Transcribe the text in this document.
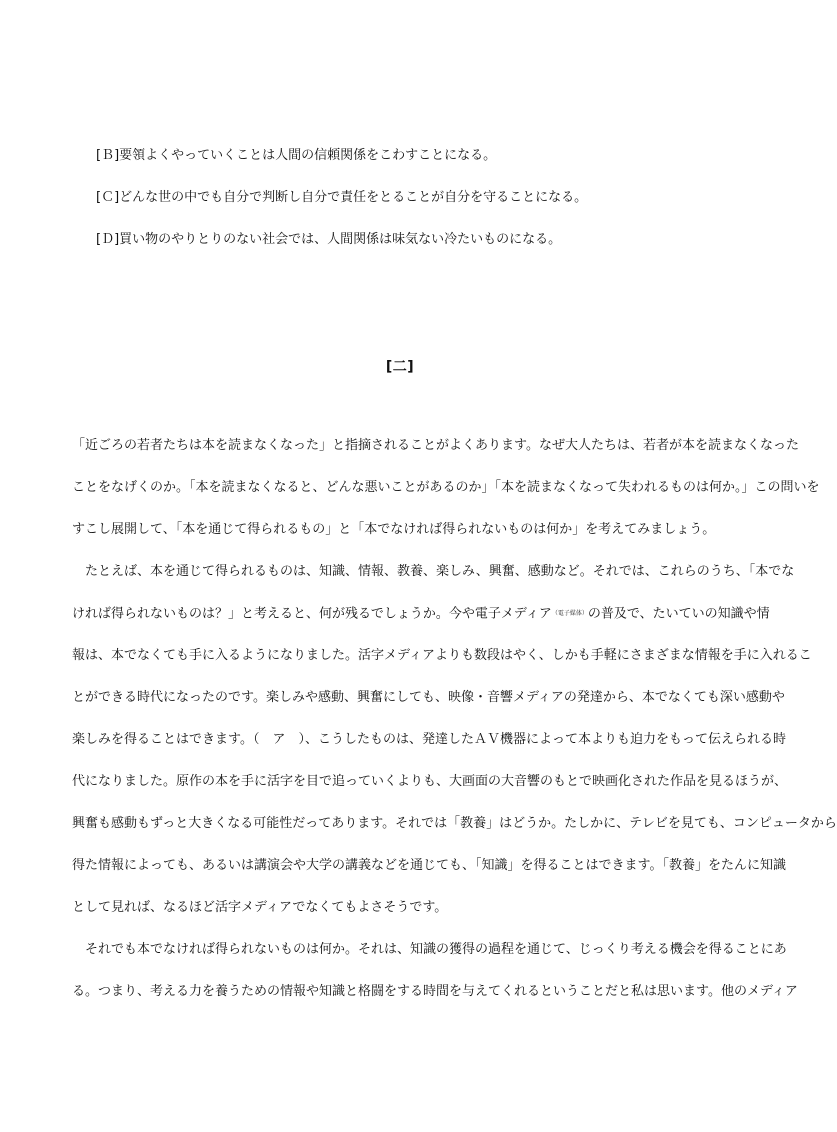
[Ｂ]要領よくやっていくことは人間の信頼関係をこわすことになる。
[Ｃ]どんな世の中でも自分で判断し自分で責任をとることが自分を守ることになる。
[Ｄ]買い物のやりとりのない社会では、人間関係は味気ない冷たいものになる。
[二]
「近ごろの若者たちは本を読まなくなった」と指摘されることがよくあります。なぜ大人たちは、若者が本を読まなくなった
ことをなげくのか。「本を読まなくなると、どんな悪いことがあるのか」「本を読まなくなって失われるものは何か。」この問いを
すこし展開して、「本を通じて得られるもの」と「本でなければ得られないものは何か」を考えてみましょう。
　たとえば、本を通じて得られるものは、知識、情報、教養、楽しみ、興奮、感動など。それでは、これらのうち、「本でな
ければ得られないものは？」と考えると、何が残るでしょうか。今や電子メディア（電子媒体）の普及で、たいていの知識や情
報は、本でなくても手に入るようになりました。活字メディアよりも数段はやく、しかも手軽にさまざまな情報を手に入れるこ
とができる時代になったのです。楽しみや感動、興奮にしても、映像・音響メディアの発達から、本でなくても深い感動や
楽しみを得ることはできます。（　ア　）、こうしたものは、発達したＡＶ機器によって本よりも迫力をもって伝えられる時
代になりました。原作の本を手に活字を目で追っていくよりも、大画面の大音響のもとで映画化された作品を見るほうが、
興奮も感動もずっと大きくなる可能性だってあります。それでは「教養」はどうか。たしかに、テレビを見ても、コンピュータから
得た情報によっても、あるいは講演会や大学の講義などを通じても、「知識」を得ることはできます。「教養」をたんに知識
として見れば、なるほど活字メディアでなくてもよさそうです。
　それでも本でなければ得られないものは何か。それは、知識の獲得の過程を通じて、じっくり考える機会を得ることにあ
る。つまり、考える力を養うための情報や知識と格闘をする時間を与えてくれるということだと私は思います。他のメディア
